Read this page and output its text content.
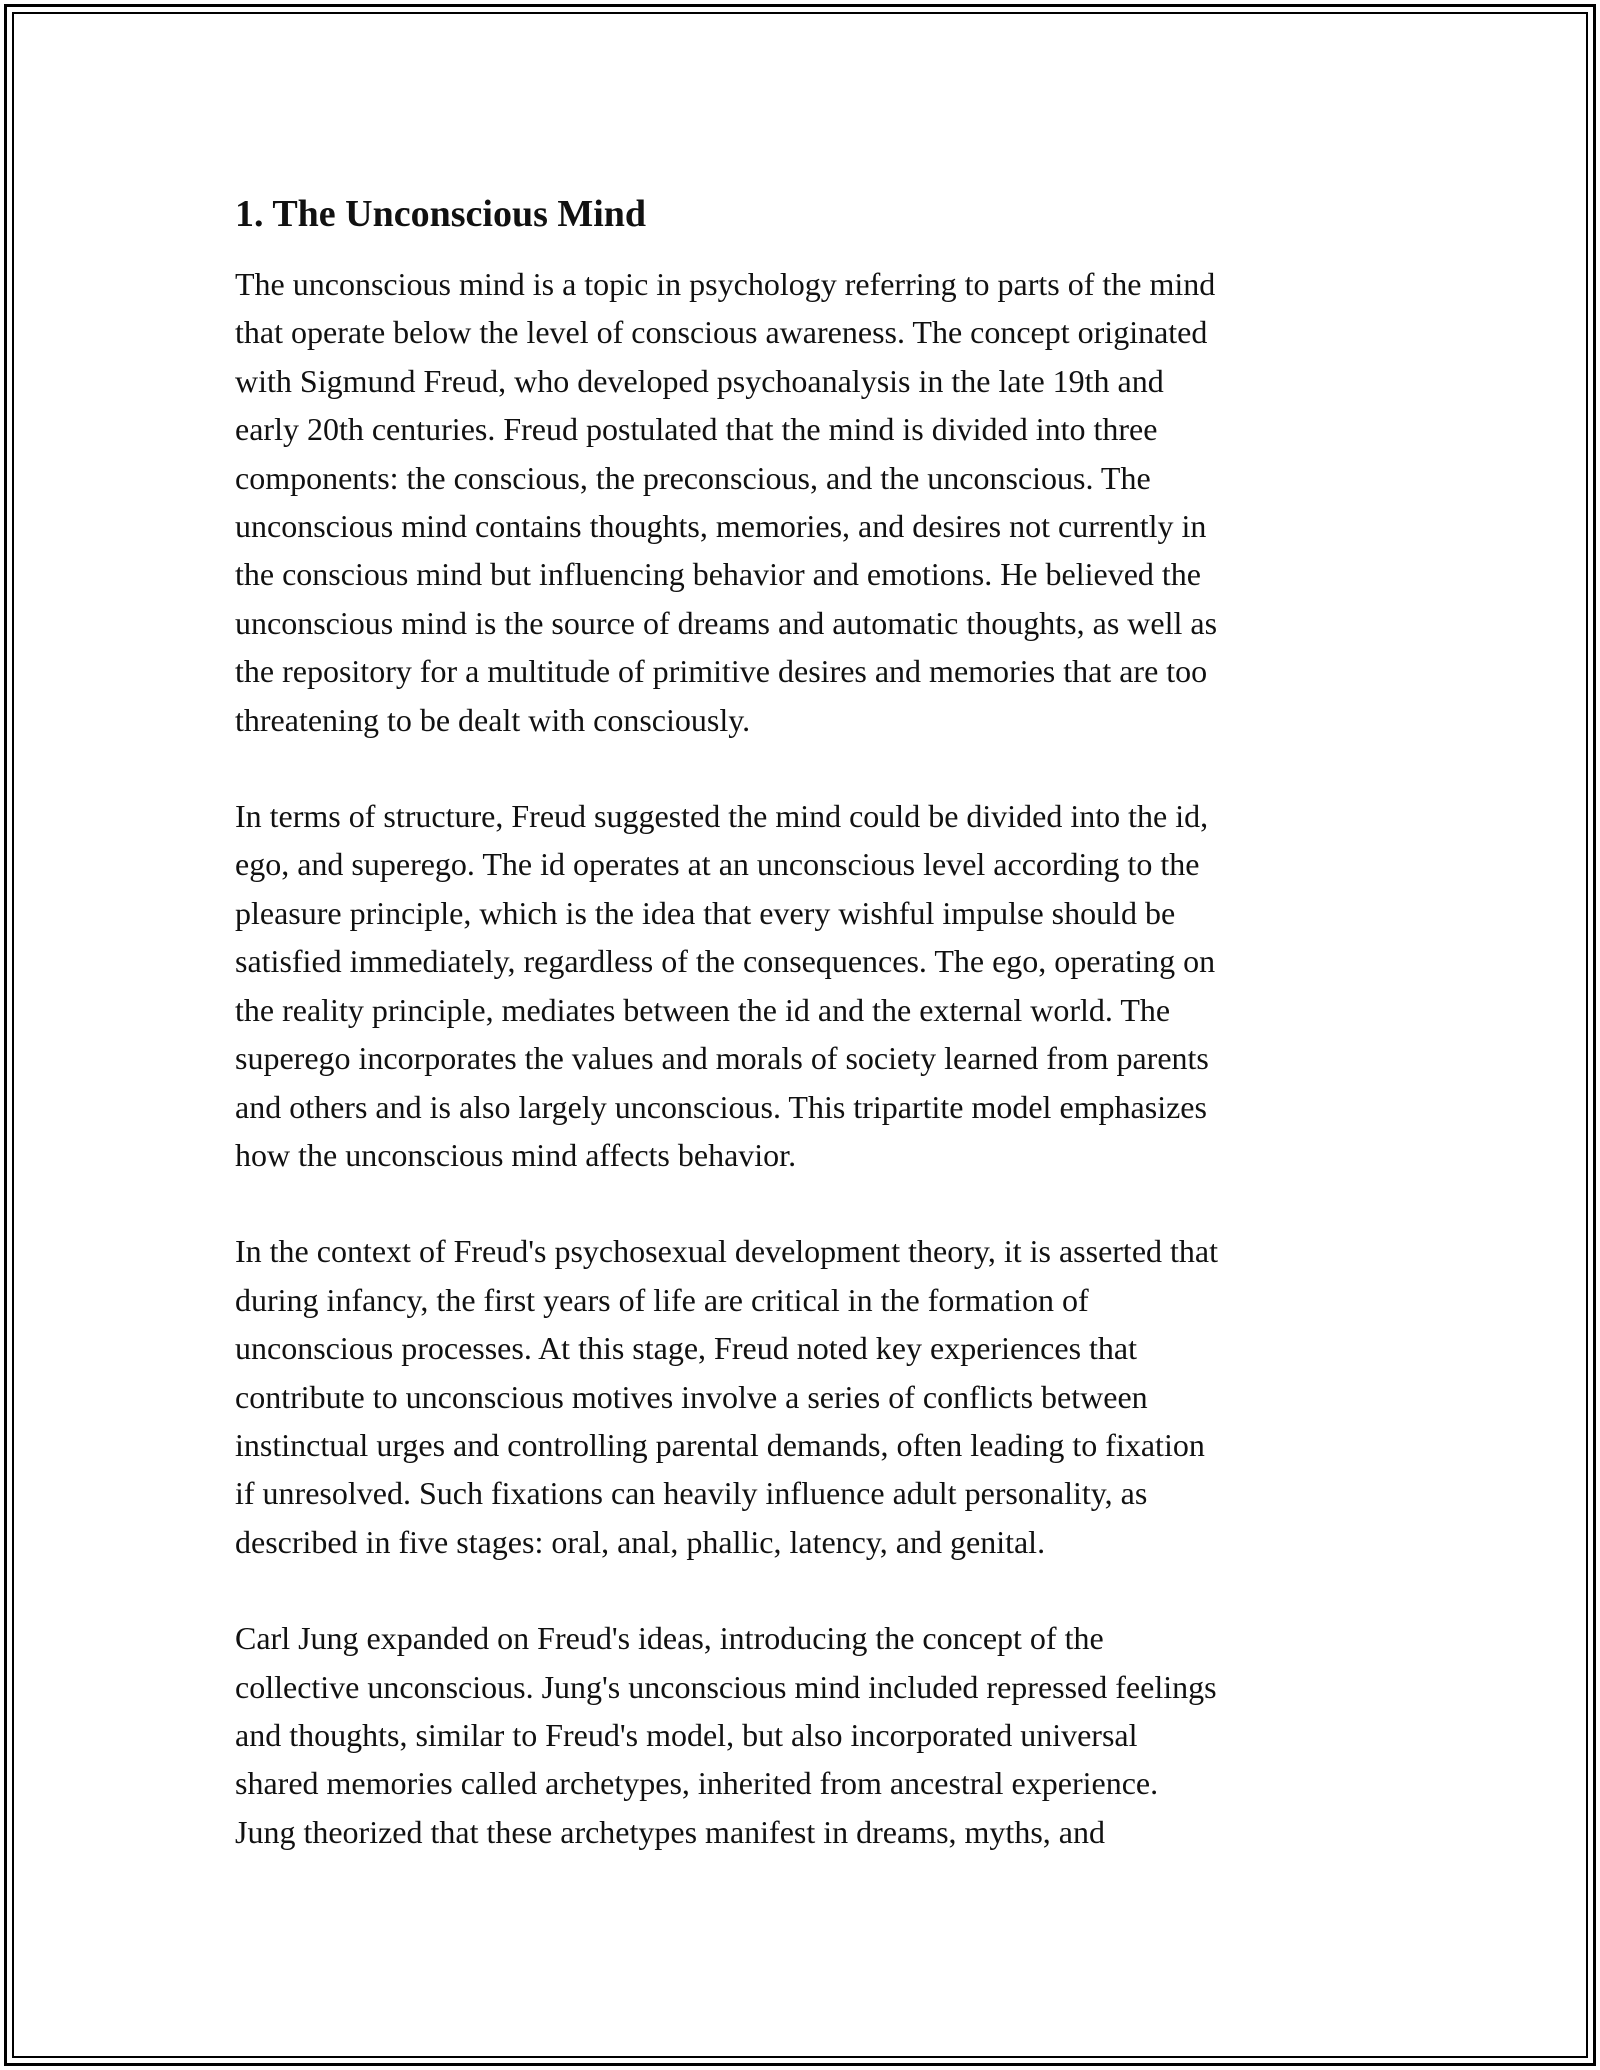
1. The Unconscious Mind

The unconscious mind is a topic in psychology referring to parts of the mind
that operate below the level of conscious awareness. The concept originated
with Sigmund Freud, who developed psychoanalysis in the late 19th and
early 20th centuries. Freud postulated that the mind is divided into three
components: the conscious, the preconscious, and the unconscious. The
unconscious mind contains thoughts, memories, and desires not currently in
the conscious mind but influencing behavior and emotions. He believed the
unconscious mind is the source of dreams and automatic thoughts, as well as
the repository for a multitude of primitive desires and memories that are too
threatening to be dealt with consciously.

In terms of structure, Freud suggested the mind could be divided into the id,
ego, and superego. The id operates at an unconscious level according to the
pleasure principle, which is the idea that every wishful impulse should be
satisfied immediately, regardless of the consequences. The ego, operating on
the reality principle, mediates between the id and the external world. The
superego incorporates the values and morals of society learned from parents
and others and is also largely unconscious. This tripartite model emphasizes
how the unconscious mind affects behavior.

In the context of Freud's psychosexual development theory, it is asserted that
during infancy, the first years of life are critical in the formation of
unconscious processes. At this stage, Freud noted key experiences that
contribute to unconscious motives involve a series of conflicts between
instinctual urges and controlling parental demands, often leading to fixation
if unresolved. Such fixations can heavily influence adult personality, as
described in five stages: oral, anal, phallic, latency, and genital.

Carl Jung expanded on Freud's ideas, introducing the concept of the
collective unconscious. Jung's unconscious mind included repressed feelings
and thoughts, similar to Freud's model, but also incorporated universal
shared memories called archetypes, inherited from ancestral experience.
Jung theorized that these archetypes manifest in dreams, myths, and
